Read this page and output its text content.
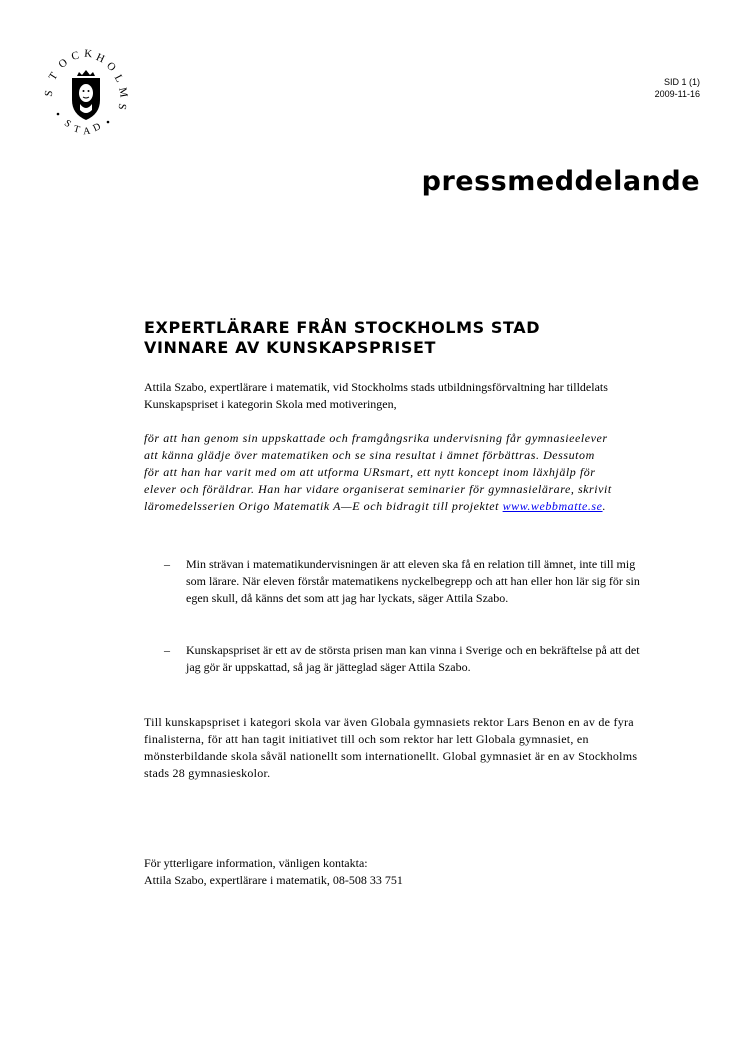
S
T
O
C K H
O
L
M
S
S T A D
SID 1 (1)
2009-11-16
pressmeddelande
EXPERTLÄRARE FRÅN STOCKHOLMS STAD
VINNARE AV KUNSKAPSPRISET

Attila Szabo, expertlärare i matematik, vid Stockholms stads utbildningsförvaltning har tilldelats Kunskapspriset i kategorin Skola med motiveringen,

för att han genom sin uppskattade och framgångsrika undervisning får gymnasieelever att känna glädje över matematiken och se sina resultat i ämnet förbättras. Dessutom för att han har varit med om att utforma URsmart, ett nytt koncept inom läxhjälp för elever och föräldrar. Han har vidare organiserat seminarier för gymnasielärare, skrivit läromedelsserien Origo Matematik A—E och bidragit till projektet www.webbmatte.se.

– Min strävan i matematikundervisningen är att eleven ska få en relation till ämnet, inte till mig som lärare. När eleven förstår matematikens nyckelbegrepp och att han eller hon lär sig för sin egen skull, då känns det som att jag har lyckats, säger Attila Szabo.
– Kunskapspriset är ett av de största prisen man kan vinna i Sverige och en bekräftelse på att det jag gör är uppskattad, så jag är jätteglad säger Attila Szabo.

Till kunskapspriset i kategori skola var även Globala gymnasiets rektor Lars Benon en av de fyra finalisterna, för att han tagit initiativet till och som rektor har lett Globala gymnasiet, en mönsterbildande skola såväl nationellt som internationellt. Global gymnasiet är en av Stockholms stads 28 gymnasieskolor.

För ytterligare information, vänligen kontakta:
Attila Szabo, expertlärare i matematik, 08-508 33 751
